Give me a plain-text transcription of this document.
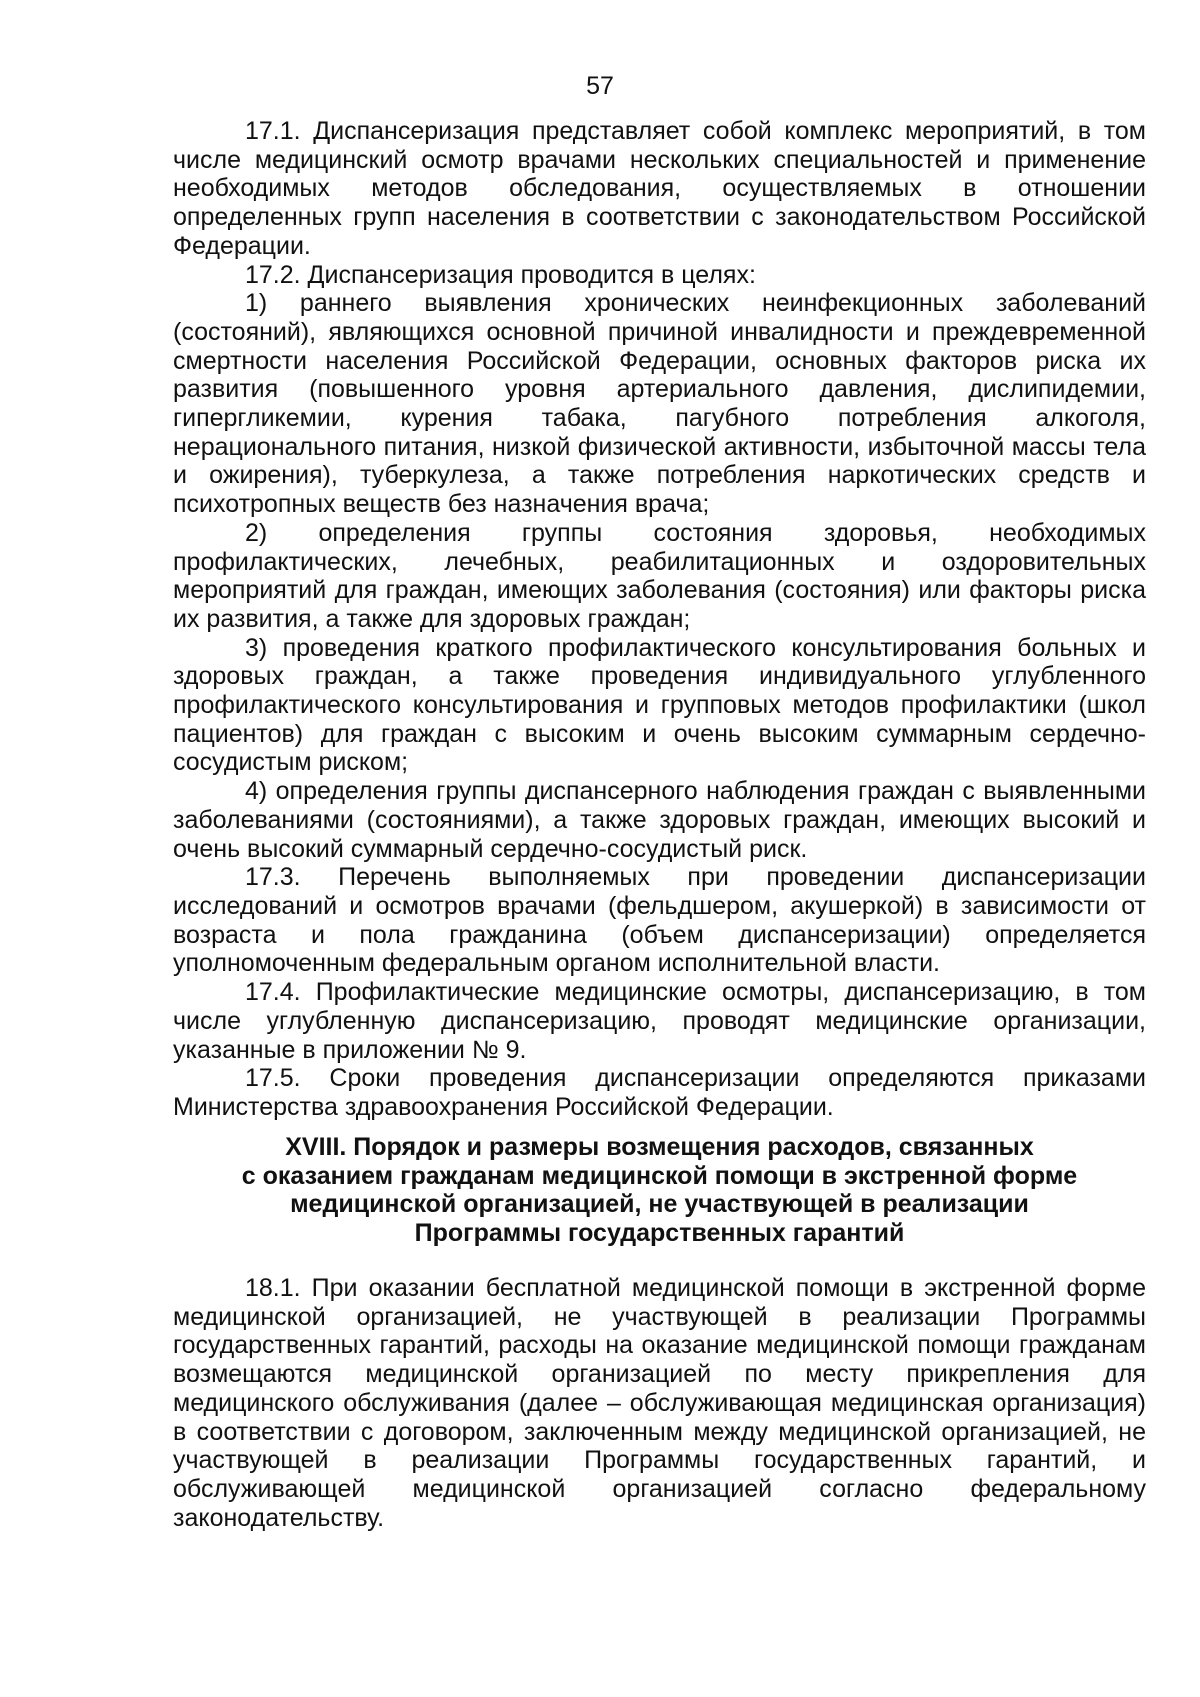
57

17.1. Диспансеризация представляет собой комплекс мероприятий, в том числе медицинский осмотр врачами нескольких специальностей и применение необходимых методов обследования, осуществляемых в отношении определенных групп населения в соответствии с законодательством Российской Федерации.

17.2. Диспансеризация проводится в целях:

1) раннего выявления хронических неинфекционных заболеваний (состояний), являющихся основной причиной инвалидности и преждевременной смертности населения Российской Федерации, основных факторов риска их развития (повышенного уровня артериального давления, дислипидемии, гипергликемии, курения табака, пагубного потребления алкоголя, нерационального питания, низкой физической активности, избыточной массы тела и ожирения), туберкулеза, а также потребления наркотических средств и психотропных веществ без назначения врача;

2) определения группы состояния здоровья, необходимых профилактических, лечебных, реабилитационных и оздоровительных мероприятий для граждан, имеющих заболевания (состояния) или факторы риска их развития, а также для здоровых граждан;

3) проведения краткого профилактического консультирования больных и здоровых граждан, а также проведения индивидуального углубленного профилактического консультирования и групповых методов профилактики (школ пациентов) для граждан с высоким и очень высоким суммарным сердечно-сосудистым риском;

4) определения группы диспансерного наблюдения граждан с выявленными заболеваниями (состояниями), а также здоровых граждан, имеющих высокий и очень высокий суммарный сердечно-сосудистый риск.

17.3. Перечень выполняемых при проведении диспансеризации исследований и осмотров врачами (фельдшером, акушеркой) в зависимости от возраста и пола гражданина (объем диспансеризации) определяется уполномоченным федеральным органом исполнительной власти.

17.4. Профилактические медицинские осмотры, диспансеризацию, в том числе углубленную диспансеризацию, проводят медицинские организации, указанные в приложении № 9.

17.5. Сроки проведения диспансеризации определяются приказами Министерства здравоохранения Российской Федерации.

XVIII. Порядок и размеры возмещения расходов, связанных
с оказанием гражданам медицинской помощи в экстренной форме
медицинской организацией, не участвующей в реализации
Программы государственных гарантий

18.1. При оказании бесплатной медицинской помощи в экстренной форме медицинской организацией, не участвующей в реализации Программы государственных гарантий, расходы на оказание медицинской помощи гражданам возмещаются медицинской организацией по месту прикрепления для медицинского обслуживания (далее – обслуживающая медицинская организация) в соответствии с договором, заключенным между медицинской организацией, не участвующей в реализации Программы государственных гарантий, и обслуживающей медицинской организацией согласно федеральному законодательству.
